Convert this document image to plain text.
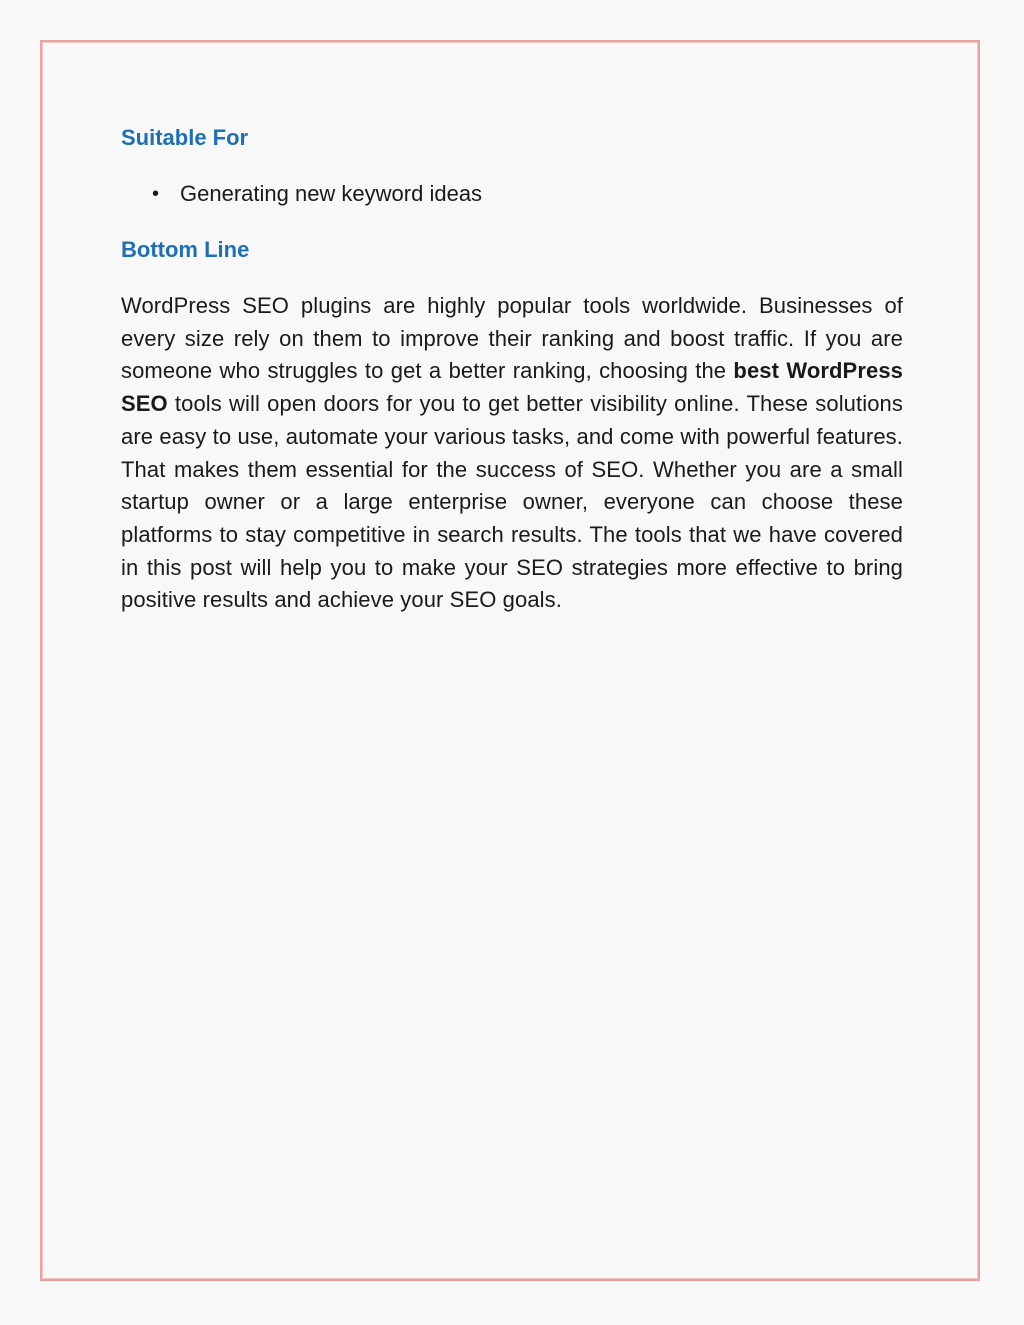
Suitable For
• Generating new keyword ideas
Bottom Line

WordPress SEO plugins are highly popular tools worldwide. Businesses of every size rely on them to improve their ranking and boost traffic. If you are someone who struggles to get a better ranking, choosing the best WordPress SEO tools will open doors for you to get better visibility online. These solutions are easy to use, automate your various tasks, and come with powerful features. That makes them essential for the success of SEO. Whether you are a small startup owner or a large enterprise owner, everyone can choose these platforms to stay competitive in search results. The tools that we have covered in this post will help you to make your SEO strategies more effective to bring positive results and achieve your SEO goals.
